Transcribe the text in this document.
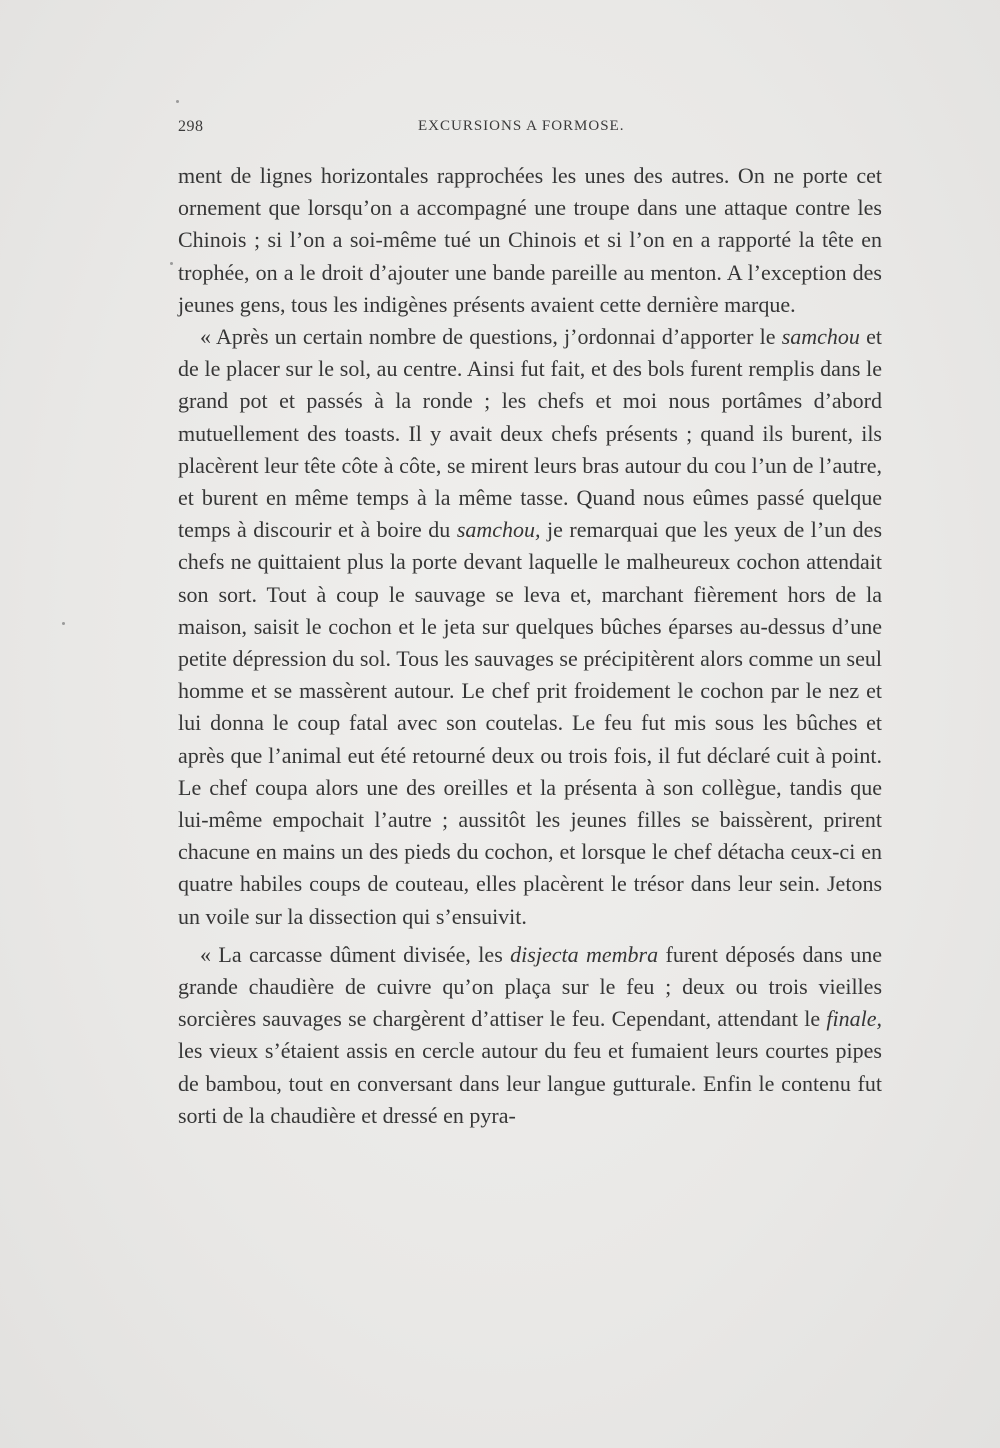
298	EXCURSIONS A FORMOSE.

ment de lignes horizontales rapprochées les unes des autres. On ne porte cet ornement que lorsqu’on a accompagné une troupe dans une attaque contre les Chinois ; si l’on a soi-même tué un Chinois et si l’on en a rapporté la tête en trophée, on a le droit d’ajouter une bande pareille au menton. A l’exception des jeunes gens, tous les indigènes présents avaient cette dernière marque.

« Après un certain nombre de questions, j’ordonnai d’apporter le samchou et de le placer sur le sol, au centre. Ainsi fut fait, et des bols furent remplis dans le grand pot et passés à la ronde ; les chefs et moi nous portâmes d’abord mutuellement des toasts. Il y avait deux chefs présents ; quand ils burent, ils placèrent leur tête côte à côte, se mirent leurs bras autour du cou l’un de l’autre, et burent en même temps à la même tasse. Quand nous eûmes passé quelque temps à discourir et à boire du samchou, je remarquai que les yeux de l’un des chefs ne quittaient plus la porte devant laquelle le malheureux cochon attendait son sort. Tout à coup le sauvage se leva et, marchant fièrement hors de la maison, saisit le cochon et le jeta sur quelques bûches éparses au-dessus d’une petite dépression du sol. Tous les sauvages se précipitèrent alors comme un seul homme et se massèrent autour. Le chef prit froidement le cochon par le nez et lui donna le coup fatal avec son coutelas. Le feu fut mis sous les bûches et après que l’animal eut été retourné deux ou trois fois, il fut déclaré cuit à point. Le chef coupa alors une des oreilles et la présenta à son collègue, tandis que lui-même empochait l’autre ; aussitôt les jeunes filles se baissèrent, prirent chacune en mains un des pieds du cochon, et lorsque le chef détacha ceux-ci en quatre habiles coups de couteau, elles placèrent le trésor dans leur sein. Jetons un voile sur la dissection qui s’ensuivit.

« La carcasse dûment divisée, les disjecta membra furent déposés dans une grande chaudière de cuivre qu’on plaça sur le feu ; deux ou trois vieilles sorcières sauvages se chargèrent d’attiser le feu. Cependant, attendant le finale, les vieux s’étaient assis en cercle autour du feu et fumaient leurs courtes pipes de bambou, tout en conversant dans leur langue gutturale. Enfin le contenu fut sorti de la chaudière et dressé en pyra-
